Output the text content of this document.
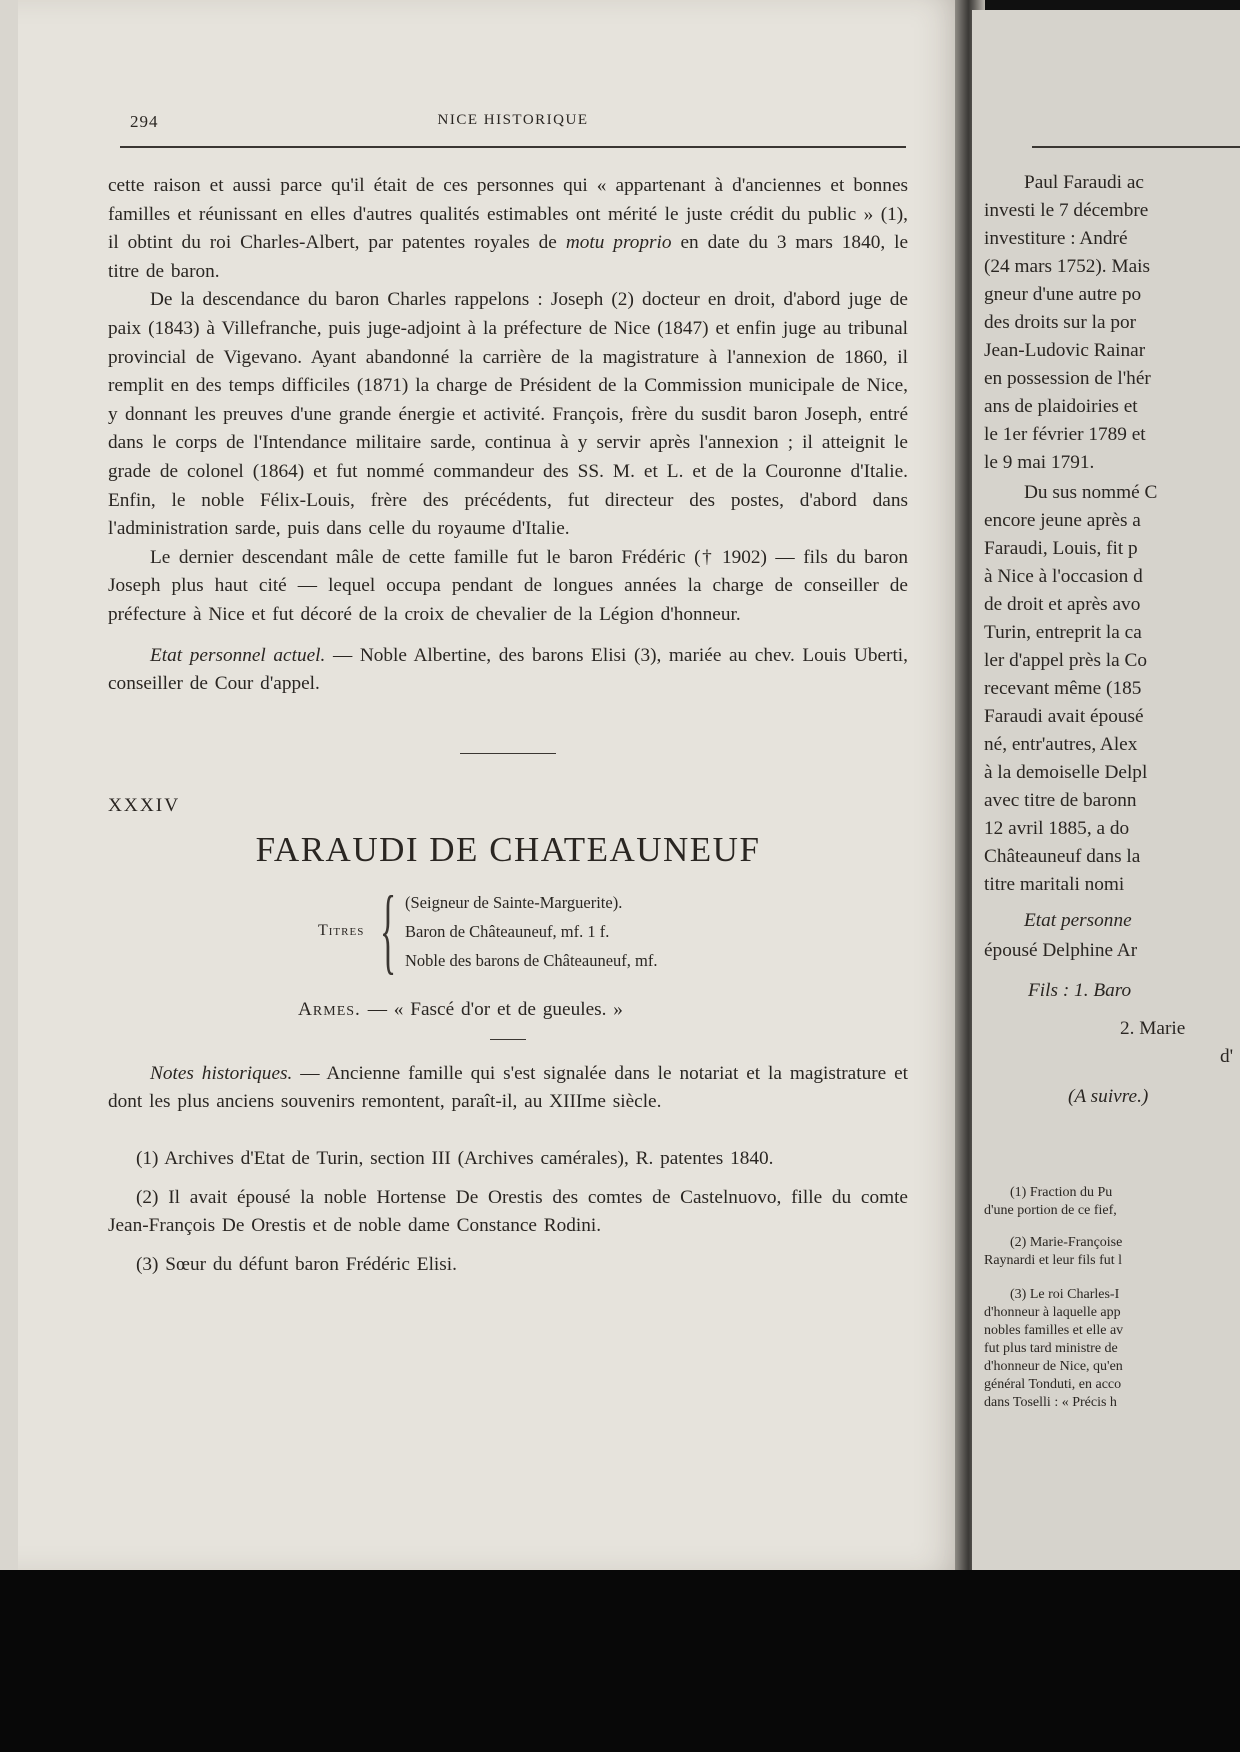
294	NICE HISTORIQUE

cette raison et aussi parce qu'il était de ces personnes qui « appartenant à d'anciennes et bonnes familles et réunissant en elles d'autres qualités estimables ont mérité le juste crédit du public » (1), il obtint du roi Charles-Albert, par patentes royales de motu proprio en date du 3 mars 1840, le titre de baron.

De la descendance du baron Charles rappelons : Joseph (2) docteur en droit, d'abord juge de paix (1843) à Villefranche, puis juge-adjoint à la préfecture de Nice (1847) et enfin juge au tribunal provincial de Vigevano. Ayant abandonné la carrière de la magistrature à l'annexion de 1860, il remplit en des temps difficiles (1871) la charge de Président de la Commission municipale de Nice, y donnant les preuves d'une grande énergie et activité. François, frère du susdit baron Joseph, entré dans le corps de l'Intendance militaire sarde, continua à y servir après l'annexion ; il atteignit le grade de colonel (1864) et fut nommé commandeur des SS. M. et L. et de la Couronne d'Italie. Enfin, le noble Félix-Louis, frère des précédents, fut directeur des postes, d'abord dans l'administration sarde, puis dans celle du royaume d'Italie.

Le dernier descendant mâle de cette famille fut le baron Frédéric († 1902) — fils du baron Joseph plus haut cité — lequel occupa pendant de longues années la charge de conseiller de préfecture à Nice et fut décoré de la croix de chevalier de la Légion d'honneur.

Etat personnel actuel. — Noble Albertine, des barons Elisi (3), mariée au chev. Louis Uberti, conseiller de Cour d'appel.

XXXIV

FARAUDI DE CHATEAUNEUF
Titres { (Seigneur de Sainte-Marguerite).
Baron de Châteauneuf, mf. 1 f.
Noble des barons de Châteauneuf, mf.

Armes. — « Fascé d'or et de gueules. »

Notes historiques. — Ancienne famille qui s'est signalée dans le notariat et la magistrature et dont les plus anciens souvenirs remontent, paraît-il, au XIIIme siècle.

(1) Archives d'Etat de Turin, section III (Archives camérales), R. patentes 1840.

(2) Il avait épousé la noble Hortense De Orestis des comtes de Castelnuovo, fille du comte Jean-François De Orestis et de noble dame Constance Rodini.

(3) Sœur du défunt baron Frédéric Elisi.

Paul Faraudi ac
investi le 7 décembre
investiture : André
(24 mars 1752). Mais
gneur d'une autre po
des droits sur la por
Jean-Ludovic Rainar
en possession de l'hér
ans de plaidoiries et
le 1er février 1789 et
le 9 mai 1791.
Du sus nommé C
encore jeune après a
Faraudi, Louis, fit p
à Nice à l'occasion d
de droit et après avo
Turin, entreprit la ca
ler d'appel près la Co
recevant même (185
Faraudi avait épousé
né, entr'autres, Alex
à la demoiselle Delpl
avec titre de baronn
12 avril 1885, a do
Châteauneuf dans la
titre maritali nomi
Etat personne
épousé Delphine Ar
Fils : 1. Baro
2. Marie
d'
(A suivre.)
(1) Fraction du Pu
d'une portion de ce fief,
(2) Marie-Françoise
Raynardi et leur fils fut l
(3) Le roi Charles-I
d'honneur à laquelle app
nobles familles et elle av
fut plus tard ministre de
d'honneur de Nice, qu'en
général Tonduti, en acco
dans Toselli : « Précis h
